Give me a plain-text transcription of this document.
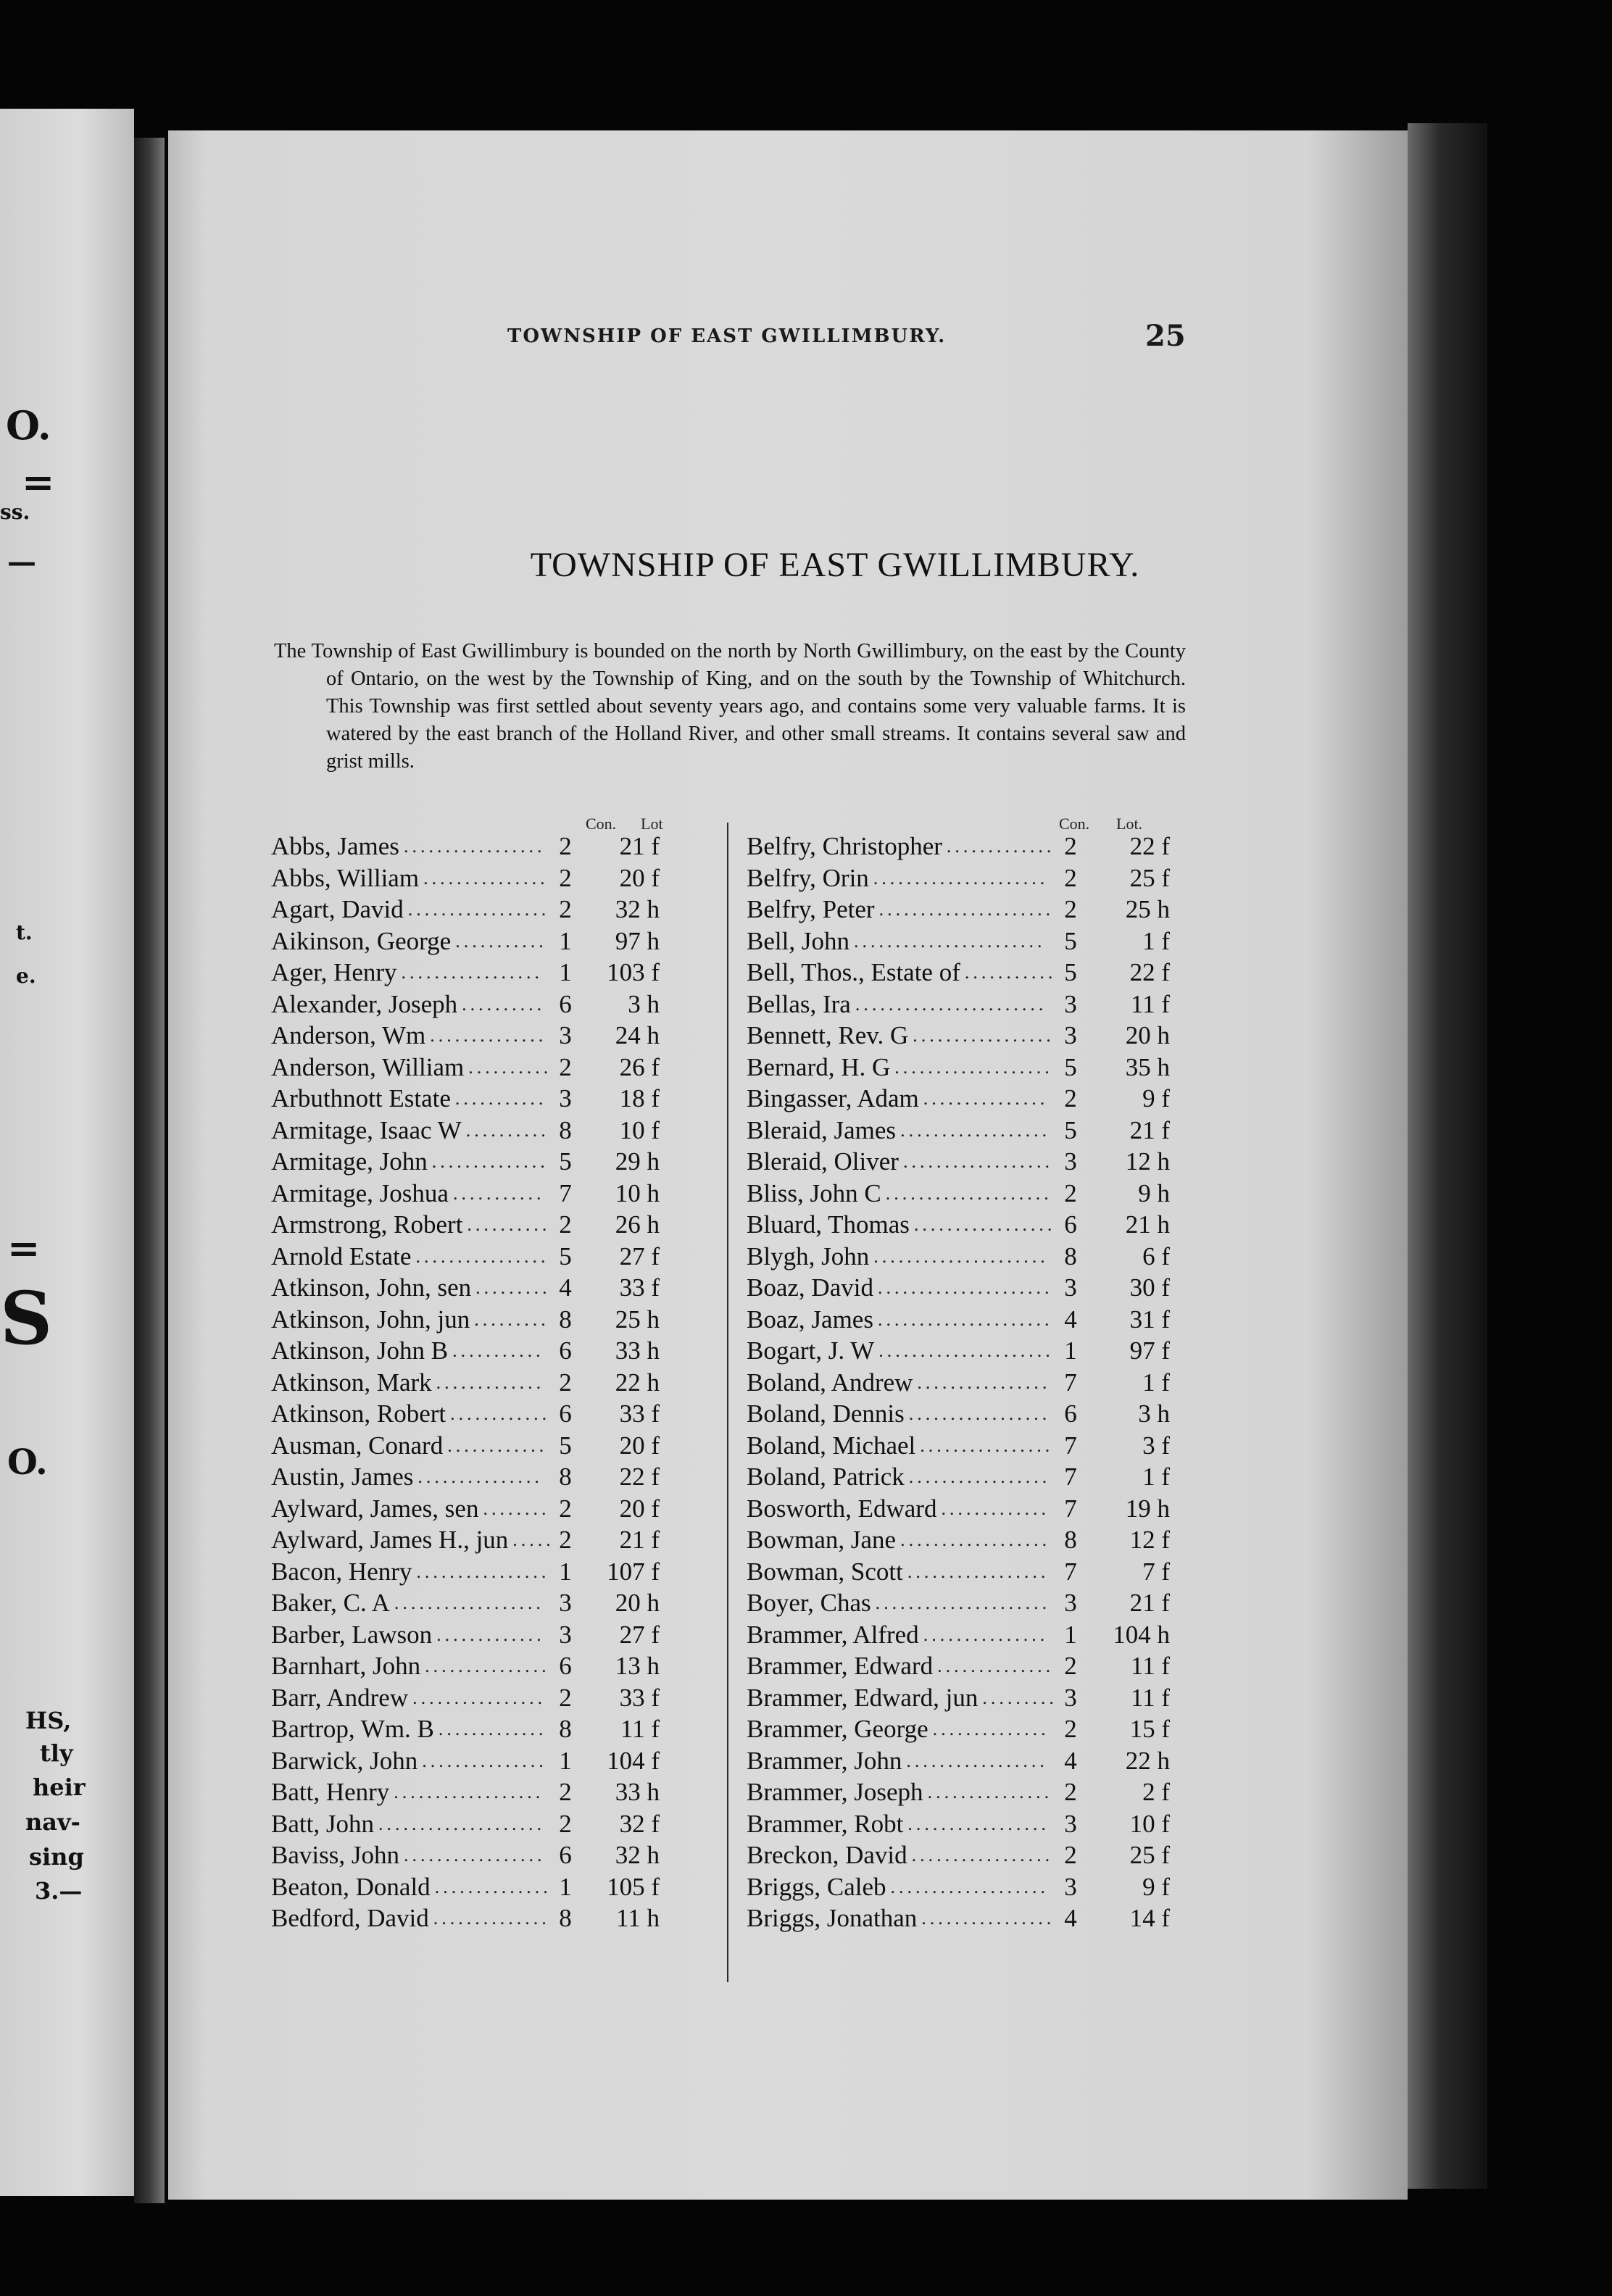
O.
=
ss.
—
t.
e.
=
S
O.
HS,
tly
heir
nav-
sing
3.—
TOWNSHIP OF EAST GWILLIMBURY.	25
TOWNSHIP OF EAST GWILLIMBURY.

The Township of East Gwillimbury is bounded on the north by North Gwillimbury, on the east by the County of Ontario, on the west by the Township of King, and on the south by the Township of Whitchurch. This Township was first settled about seventy years ago, and contains some very valuable farms. It is watered by the east branch of the Holland River, and other small streams. It contains several saw and grist mills.

Con. Lot	Con. Lot.
Abbs, James ................. 2	21 f
Abbs, William ............... 2	20 f
Agart, David ................. 2	32 h
Aikinson, George ........... 1	97 h
Ager, Henry ................. 1	103 f
Alexander, Joseph .......... 6	3 h
Anderson, Wm .............. 3	24 h
Anderson, William .......... 2	26 f
Arbuthnott Estate ........... 3	18 f
Armitage, Isaac W .......... 8	10 f
Armitage, John .............. 5	29 h
Armitage, Joshua ........... 7	10 h
Armstrong, Robert .......... 2	26 h
Arnold Estate ................ 5	27 f
Atkinson, John, sen ......... 4	33 f
Atkinson, John, jun ......... 8	25 h
Atkinson, John B ........... 6	33 h
Atkinson, Mark ............. 2	22 h
Atkinson, Robert ............ 6	33 f
Ausman, Conard ............ 5	20 f
Austin, James ............... 8	22 f
Aylward, James, sen ........ 2	20 f
Aylward, James H., jun ..... 2	21 f
Bacon, Henry ................ 1	107 f
Baker, C. A .................. 3	20 h
Barber, Lawson ............. 3	27 f
Barnhart, John ............... 6	13 h
Barr, Andrew ................ 2	33 f
Bartrop, Wm. B ............. 8	11 f
Barwick, John ............... 1	104 f
Batt, Henry .................. 2	33 h
Batt, John .................... 2	32 f
Baviss, John ................. 6	32 h
Beaton, Donald .............. 1	105 f
Bedford, David .............. 8	11 h
Belfry, Christopher ............. 2	22 f
Belfry, Orin ..................... 2	25 f
Belfry, Peter ..................... 2	25 h
Bell, John ....................... 5	1 f
Bell, Thos., Estate of ........... 5	22 f
Bellas, Ira ....................... 3	11 f
Bennett, Rev. G ................. 3	20 h
Bernard, H. G ................... 5	35 h
Bingasser, Adam ............... 2	9 f
Bleraid, James .................. 5	21 f
Bleraid, Oliver .................. 3	12 h
Bliss, John C .................... 2	9 h
Bluard, Thomas ................. 6	21 h
Blygh, John ..................... 8	6 f
Boaz, David ..................... 3	30 f
Boaz, James ..................... 4	31 f
Bogart, J. W ..................... 1	97 f
Boland, Andrew ................ 7	1 f
Boland, Dennis ................. 6	3 h
Boland, Michael ................ 7	3 f
Boland, Patrick ................. 7	1 f
Bosworth, Edward ............. 7	19 h
Bowman, Jane .................. 8	12 f
Bowman, Scott ................. 7	7 f
Boyer, Chas ..................... 3	21 f
Brammer, Alfred ............... 1	104 h
Brammer, Edward .............. 2	11 f
Brammer, Edward, jun ......... 3	11 f
Brammer, George .............. 2	15 f
Brammer, John ................. 4	22 h
Brammer, Joseph ............... 2	2 f
Brammer, Robt ................. 3	10 f
Breckon, David ................. 2	25 f
Briggs, Caleb ................... 3	9 f
Briggs, Jonathan ................ 4	14 f
